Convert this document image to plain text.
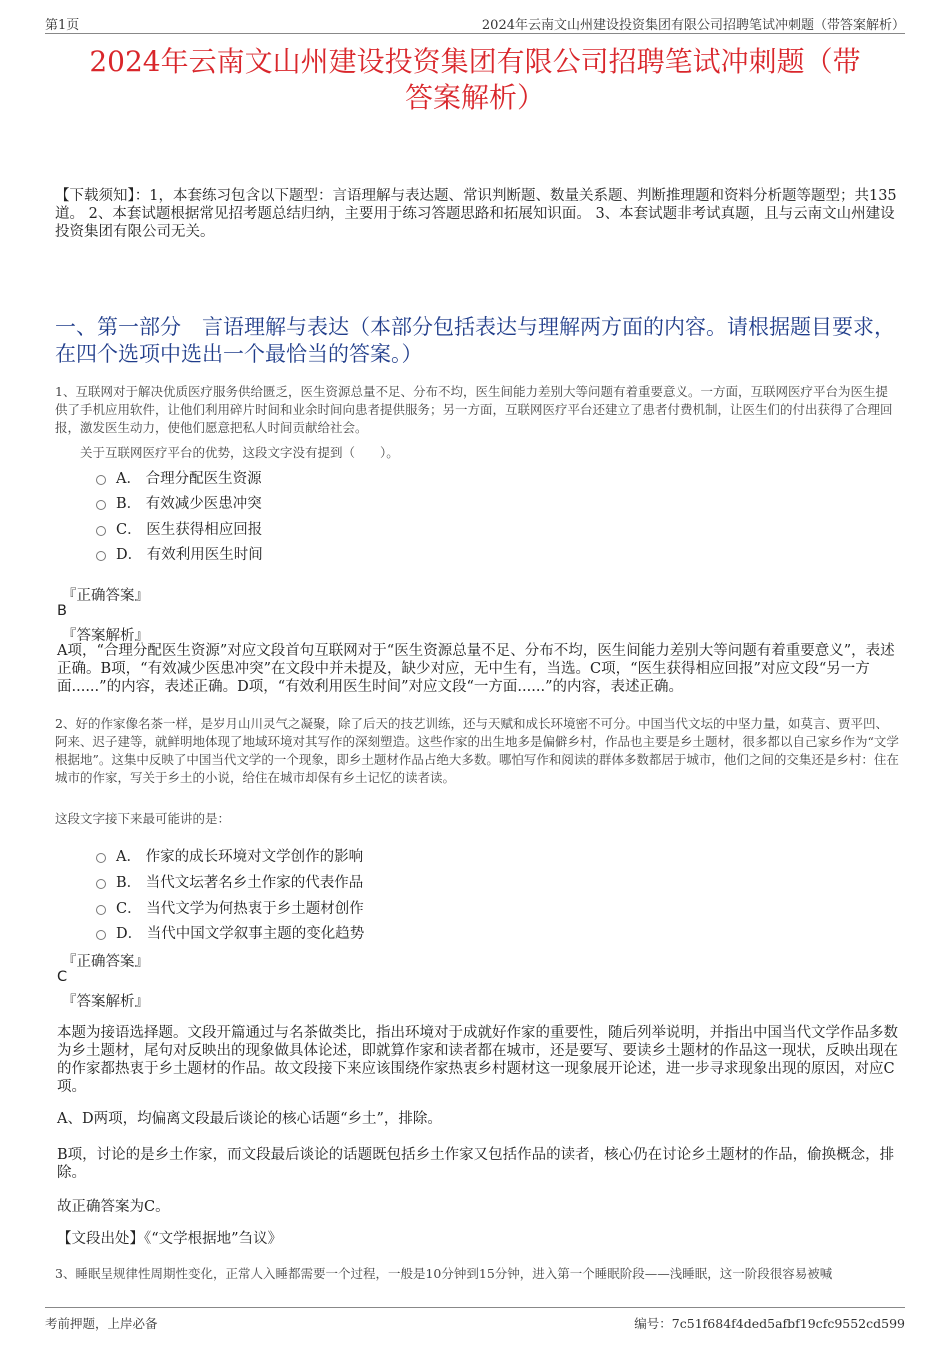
第1页	2024年云南文山州建设投资集团有限公司招聘笔试冲刺题（带答案解析）
2024年云南文山州建设投资集团有限公司招聘笔试冲刺题（带
答案解析）
【下载须知】：1，本套练习包含以下题型：言语理解与表达题、常识判断题、数量关系题、判断推理题和资料分析题等题型；共135道。 2、本套试题根据常见招考题总结归纳，主要用于练习答题思路和拓展知识面。 3、本套试题非考试真题，且与云南文山州建设投资集团有限公司无关。
一、第一部分　言语理解与表达（本部分包括表达与理解两方面的内容。请根据题目要求，在四个选项中选出一个最恰当的答案。）
1、互联网对于解决优质医疗服务供给匮乏，医生资源总量不足、分布不均，医生间能力差别大等问题有着重要意义。一方面，互联网医疗平台为医生提供了手机应用软件，让他们利用碎片时间和业余时间向患者提供服务；另一方面，互联网医疗平台还建立了患者付费机制，让医生们的付出获得了合理回报，激发医生动力，使他们愿意把私人时间贡献给社会。
关于互联网医疗平台的优势，这段文字没有提到（　　）。
A． 合理分配医生资源
B． 有效减少医患冲突
C． 医生获得相应回报
D． 有效利用医生时间
『正确答案』
B
『答案解析』
A项，“合理分配医生资源”对应文段首句互联网对于“医生资源总量不足、分布不均，医生间能力差别大等问题有着重要意义”，表述正确。B项，“有效减少医患冲突”在文段中并未提及，缺少对应，无中生有，当选。C项，“医生获得相应回报”对应文段“另一方面......”的内容，表述正确。D项，“有效利用医生时间”对应文段“一方面......”的内容，表述正确。
2、好的作家像名茶一样，是岁月山川灵气之凝聚，除了后天的技艺训练，还与天赋和成长环境密不可分。中国当代文坛的中坚力量，如莫言、贾平凹、阿来、迟子建等，就鲜明地体现了地域环境对其写作的深刻塑造。这些作家的出生地多是偏僻乡村，作品也主要是乡土题材，很多都以自己家乡作为“文学根据地”。这集中反映了中国当代文学的一个现象，即乡土题材作品占绝大多数。哪怕写作和阅读的群体多数都居于城市，他们之间的交集还是乡村：住在城市的作家，写关于乡土的小说，给住在城市却保有乡土记忆的读者读。
这段文字接下来最可能讲的是：
A． 作家的成长环境对文学创作的影响
B． 当代文坛著名乡土作家的代表作品
C． 当代文学为何热衷于乡土题材创作
D． 当代中国文学叙事主题的变化趋势
『正确答案』
C
『答案解析』
本题为接语选择题。文段开篇通过与名茶做类比，指出环境对于成就好作家的重要性，随后列举说明，并指出中国当代文学作品多数为乡土题材，尾句对反映出的现象做具体论述，即就算作家和读者都在城市，还是要写、要读乡土题材的作品这一现状，反映出现在的作家都热衷于乡土题材的作品。故文段接下来应该围绕作家热衷乡村题材这一现象展开论述，进一步寻求现象出现的原因，对应C项。
A、D两项，均偏离文段最后谈论的核心话题“乡土”，排除。
B项，讨论的是乡土作家，而文段最后谈论的话题既包括乡土作家又包括作品的读者，核心仍在讨论乡土题材的作品，偷换概念，排除。
故正确答案为C。
【文段出处】《“文学根据地”刍议》
3、睡眠呈规律性周期性变化，正常人入睡都需要一个过程，一般是10分钟到15分钟，进入第一个睡眠阶段——浅睡眠，这一阶段很容易被喊
考前押题，上岸必备	编号：7c51f684f4ded5afbf19cfc9552cd599
